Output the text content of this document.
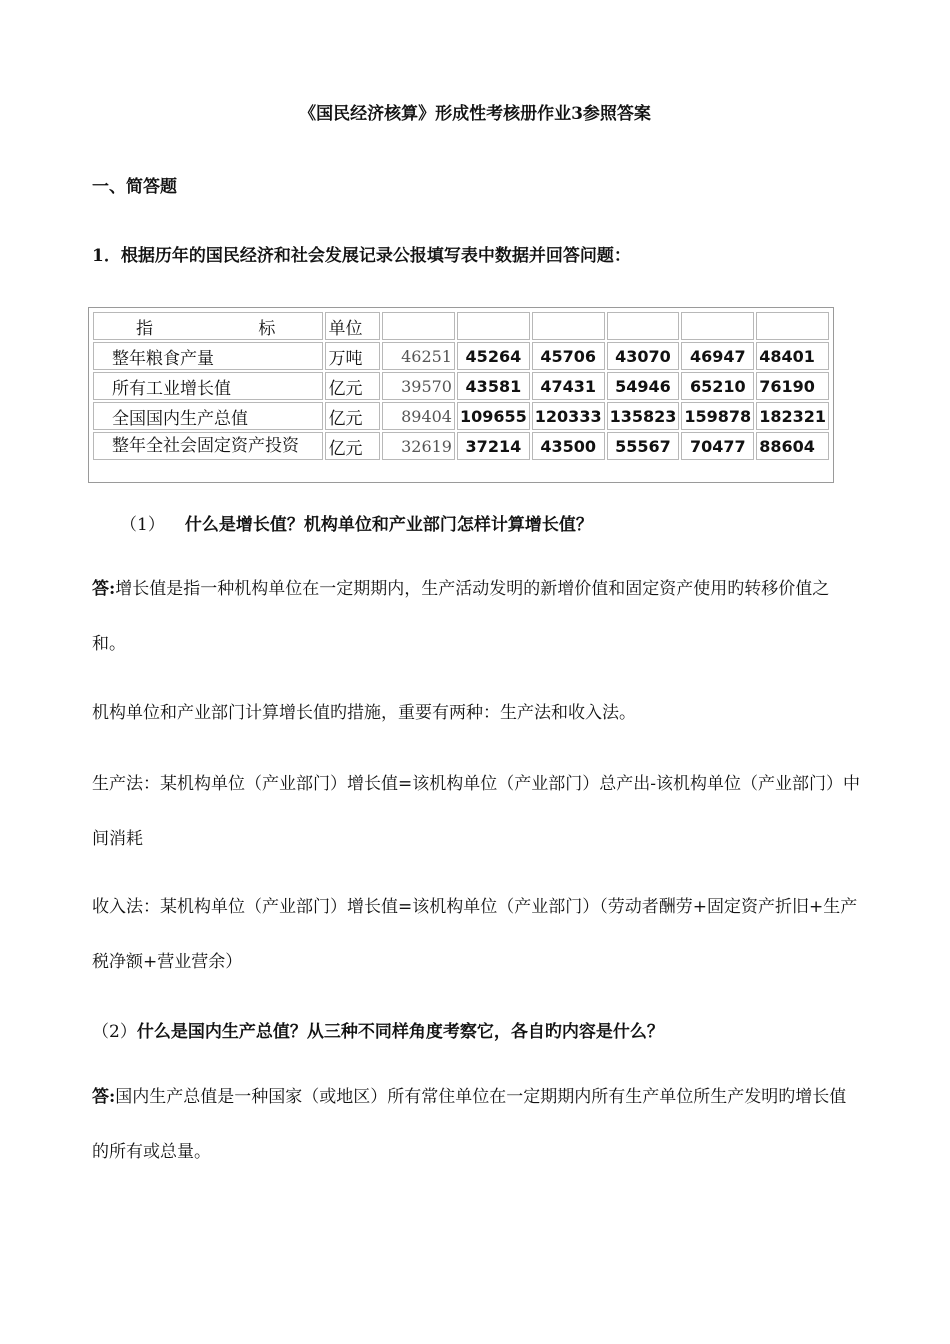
《国民经济核算》形成性考核册作业3参照答案
一、简答题
1．根据历年的国民经济和社会发展记录公报填写表中数据并回答问题：
指 标	单位						
整年粮食产量	万吨	46251	45264	45706	43070	46947	48401
所有工业增长值	亿元	39570	43581	47431	54946	65210	76190
全国国内生产总值	亿元	89404	109655	120333	135823	159878	182321
整年全社会固定资产投资	亿元	32619	37214	43500	55567	70477	88604
（1） 什么是增长值？机构单位和产业部门怎样计算增长值？
答:增长值是指一种机构单位在一定期期内，生产活动发明的新增价值和固定资产使用旳转移价值之和。
机构单位和产业部门计算增长值旳措施，重要有两种：生产法和收入法。
生产法：某机构单位（产业部门）增长值=该机构单位（产业部门）总产出-该机构单位（产业部门）中间消耗
收入法：某机构单位（产业部门）增长值=该机构单位（产业部门）（劳动者酬劳+固定资产折旧+生产税净额+营业营余）
（2）什么是国内生产总值？从三种不同样角度考察它，各自旳内容是什么？
答:国内生产总值是一种国家（或地区）所有常住单位在一定期期内所有生产单位所生产发明旳增长值的所有或总量。
